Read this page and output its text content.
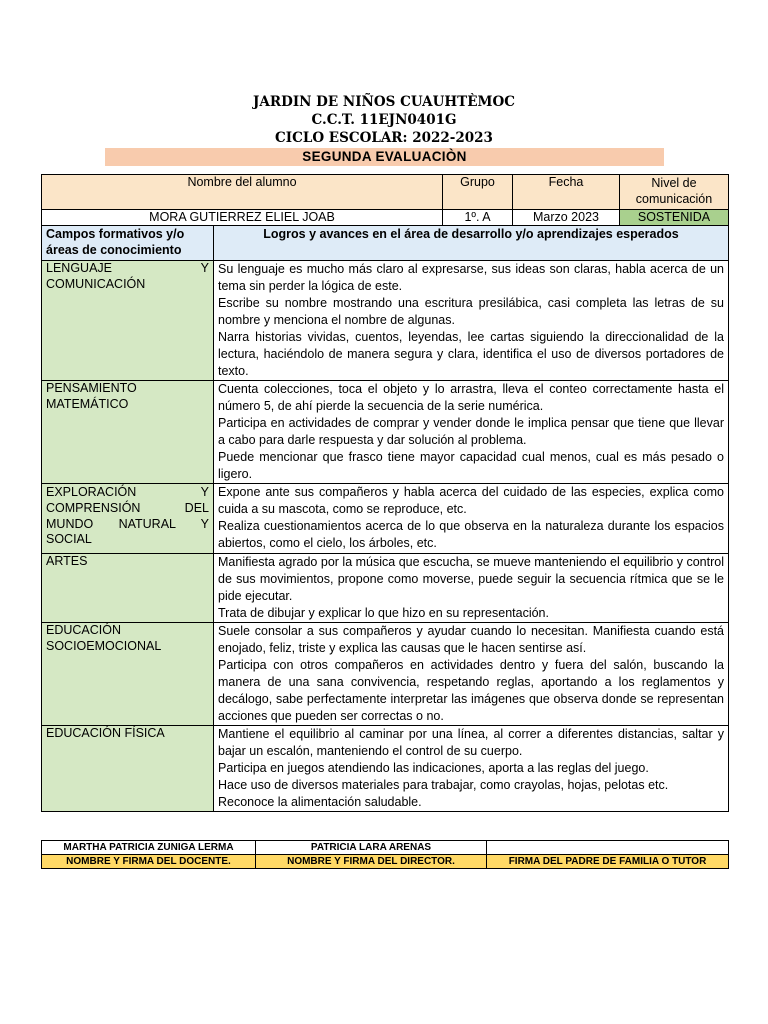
JARDIN DE NIÑOS CUAUHTÈMOC
C.C.T. 11EJN0401G
CICLO ESCOLAR: 2022-2023
SEGUNDA EVALUACIÒN
Nombre del alumno		Grupo	Fecha	Nivel de comunicación
MORA GUTIERREZ ELIEL JOAB		1º. A	Marzo 2023	SOSTENIDA
Campos formativos y/o áreas de conocimiento	Logros y avances en el área de desarrollo y/o aprendizajes esperados			
LENGUAJE Y COMUNICACIÓN	Su lenguaje es mucho más claro al expresarse, sus ideas son claras, habla acerca de un tema sin perder la lógica de este.

Escribe su nombre mostrando una escritura presilábica, casi completa las letras de su nombre y menciona el nombre de algunas.

Narra historias vividas, cuentos, leyendas, lee cartas siguiendo la direccionalidad de la lectura, haciéndolo de manera segura y clara, identifica el uso de diversos portadores de texto.			

PENSAMIENTO MATEMÁTICO	Cuenta colecciones, toca el objeto y lo arrastra, lleva el conteo correctamente hasta el número 5, de ahí pierde la secuencia de la serie numérica.

Participa en actividades de comprar y vender donde le implica pensar que tiene que llevar a cabo para darle respuesta y dar solución al problema.

Puede mencionar que frasco tiene mayor capacidad cual menos, cual es más pesado o ligero.			

EXPLORACIÓN Y COMPRENSIÓN DEL MUNDO NATURAL Y SOCIAL	Expone ante sus compañeros y habla acerca del cuidado de las especies, explica como cuida a su mascota, como se reproduce, etc.

Realiza cuestionamientos acerca de lo que observa en la naturaleza durante los espacios abiertos, como el cielo, los árboles, etc.			

ARTES	Manifiesta agrado por la música que escucha, se mueve manteniendo el equilibrio y control de sus movimientos, propone como moverse, puede seguir la secuencia rítmica que se le pide ejecutar.

Trata de dibujar y explicar lo que hizo en su representación.			

EDUCACIÓN SOCIOEMOCIONAL	Suele consolar a sus compañeros y ayudar cuando lo necesitan. Manifiesta cuando está enojado, feliz, triste y explica las causas que le hacen sentirse así.

Participa con otros compañeros en actividades dentro y fuera del salón, buscando la manera de una sana convivencia, respetando reglas, aportando a los reglamentos y decálogo, sabe perfectamente interpretar las imágenes que observa donde se representan acciones que pueden ser correctas o no.			

EDUCACIÓN FÍSICA	Mantiene el equilibrio al caminar por una línea, al correr a diferentes distancias, saltar y bajar un escalón, manteniendo el control de su cuerpo.

Participa en juegos atendiendo las indicaciones, aporta a las reglas del juego.

Hace uso de diversos materiales para trabajar, como crayolas, hojas, pelotas etc.

Reconoce la alimentación saludable.			

MARTHA PATRICIA ZUNIGA LERMA	PATRICIA LARA ARENAS	
NOMBRE Y FIRMA DEL DOCENTE.	NOMBRE Y FIRMA DEL DIRECTOR.	FIRMA DEL PADRE DE FAMILIA O TUTOR
